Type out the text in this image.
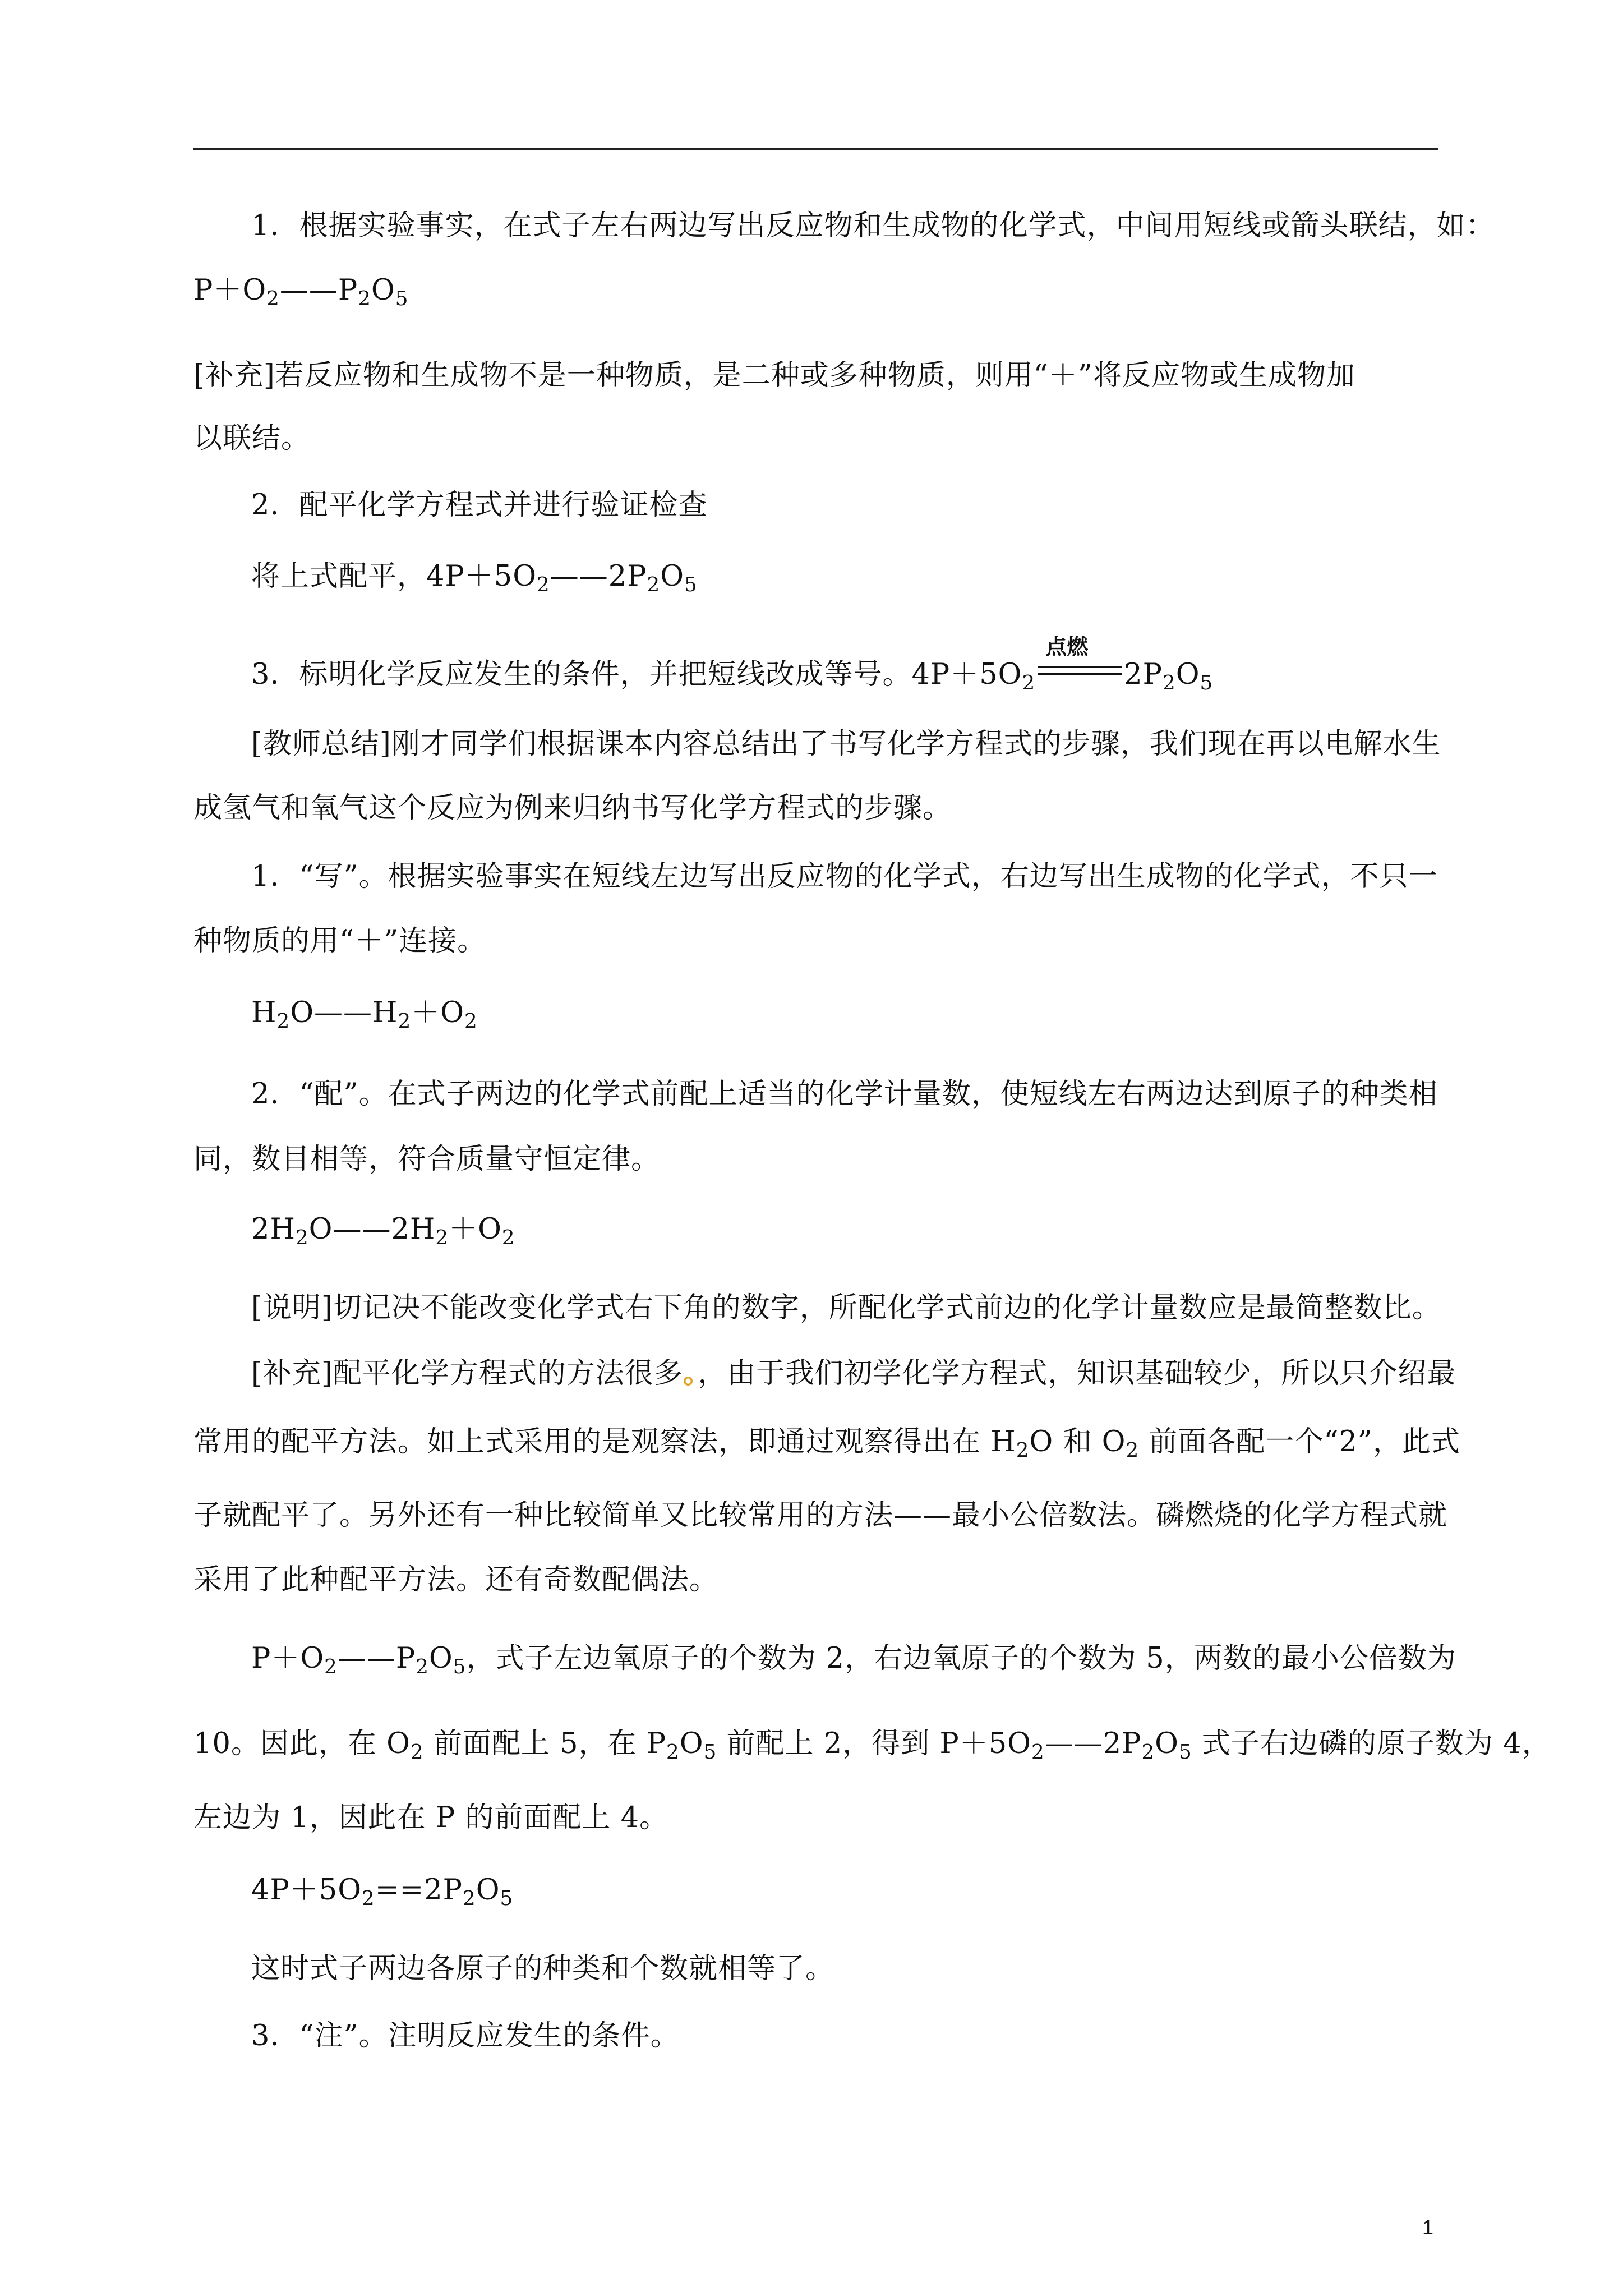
1．根据实验事实，在式子左右两边写出反应物和生成物的化学式，中间用短线或箭头联结，如：
$P+O_2——P_2O_5$
[补充]若反应物和生成物不是一种物质，是二种或多种物质，则用“＋”将反应物或生成物加
以联结。
2．配平化学方程式并进行验证检查
将上式配平，$4P+5O_2——2P_2O_5$
3．标明化学反应发生的条件，并把短线改成等号。$4P+5O_2$
点燃
$2P_2O_5$
[教师总结]刚才同学们根据课本内容总结出了书写化学方程式的步骤，我们现在再以电解水生
成氢气和氧气这个反应为例来归纳书写化学方程式的步骤。
1．“写”。根据实验事实在短线左边写出反应物的化学式，右边写出生成物的化学式，不只一
种物质的用“＋”连接。
$H_2O——H_2+O_2$
2．“配”。在式子两边的化学式前配上适当的化学计量数，使短线左右两边达到原子的种类相
同，数目相等，符合质量守恒定律。
$2H_2O——2H_2+O_2$
[说明]切记决不能改变化学式右下角的数字，所配化学式前边的化学计量数应是最简整数比。
[补充]配平化学方程式的方法很多。，由于我们初学化学方程式，知识基础较少，所以只介绍最
常用的配平方法。如上式采用的是观察法，即通过观察得出在 $H_2O$ 和 $O_2$ 前面各配一个“2”，此式
子就配平了。另外还有一种比较简单又比较常用的方法——最小公倍数法。磷燃烧的化学方程式就
采用了此种配平方法。还有奇数配偶法。
$P+O_2——P_2O_5$，式子左边氧原子的个数为 2，右边氧原子的个数为 5，两数的最小公倍数为
10。因此，在 $O_2$ 前面配上 5，在 $P_2O_5$ 前配上 2，得到 $P+5O_2——2P_2O_5$ 式子右边磷的原子数为 4，
左边为 1，因此在 P 的前面配上 4。
$4P+5O_2==2P_2O_5$
这时式子两边各原子的种类和个数就相等了。
3．“注”。注明反应发生的条件。
1
